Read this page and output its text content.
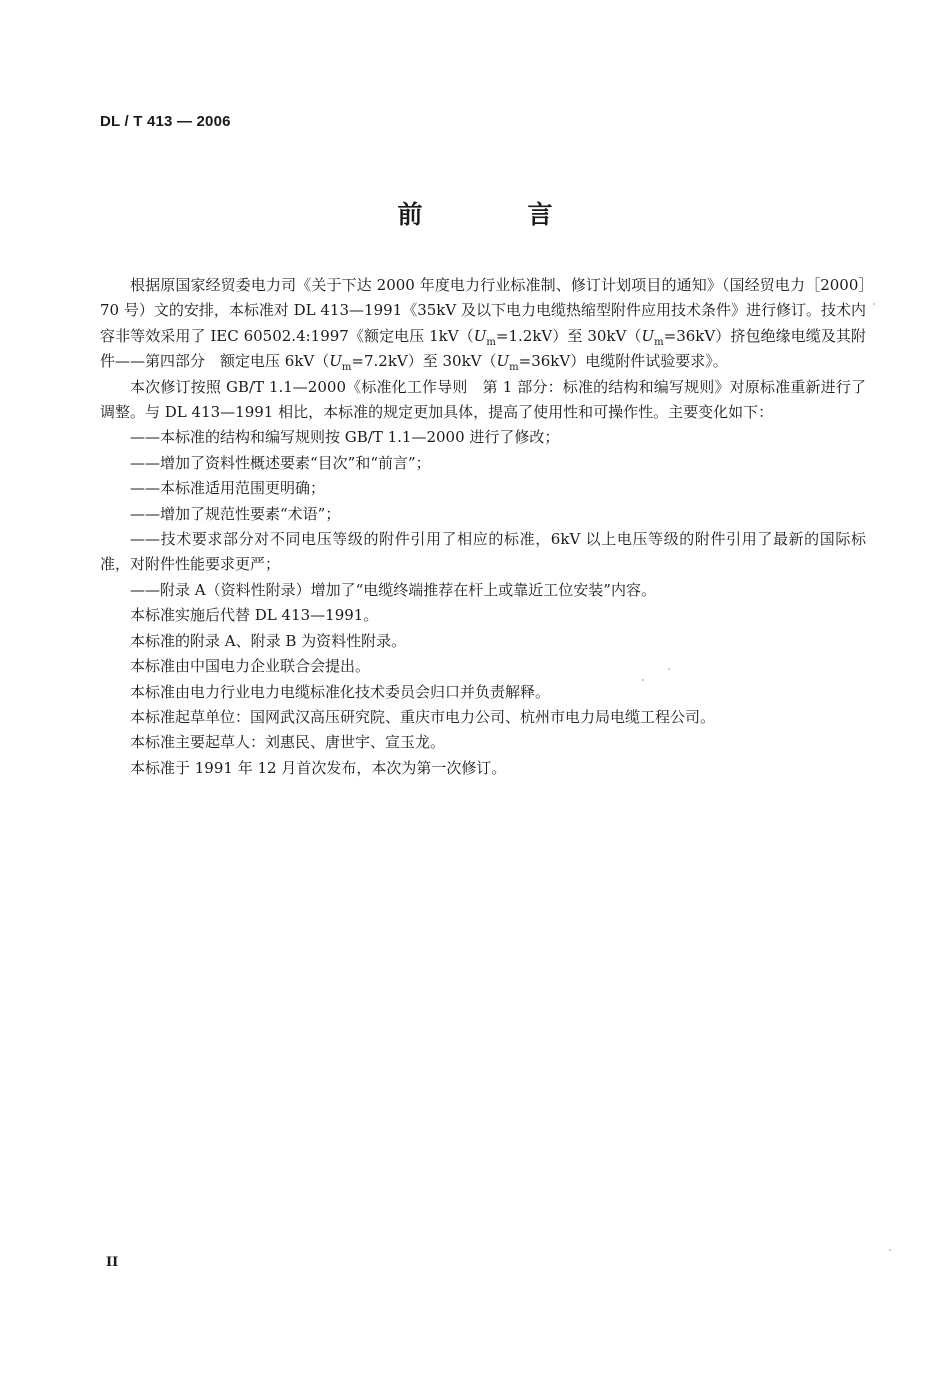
DL / T 413 — 2006
前　言

根据原国家经贸委电力司《关于下达 2000 年度电力行业标准制、修订计划项目的通知》（国经贸电力［2000］70 号）文的安排，本标准对 DL 413—1991《35kV 及以下电力电缆热缩型附件应用技术条件》进行修订。技术内容非等效采用了 IEC 60502.4:1997《额定电压 $1kV(U_m=1.2kV)$至 $30kV(U_m=36kV)$挤包绝缘电缆及其附件——第四部分　额定电压 $6kV(U_m=7.2kV)$至 $30kV(U_m=36kV)$电缆附件试验要求》。

本次修订按照 GB/T 1.1—2000《标准化工作导则　第 1 部分：标准的结构和编写规则》对原标准重新进行了调整。与 DL 413—1991 相比，本标准的规定更加具体，提高了使用性和可操作性。主要变化如下：

——本标准的结构和编写规则按 GB/T 1.1—2000 进行了修改；

——增加了资料性概述要素“目次”和“前言”；

——本标准适用范围更明确；

——增加了规范性要素“术语”；

——技术要求部分对不同电压等级的附件引用了相应的标准，6kV 以上电压等级的附件引用了最新的国际标准，对附件性能要求更严；

——附录 A（资料性附录）增加了“电缆终端推荐在杆上或靠近工位安装”内容。

本标准实施后代替 DL 413—1991。

本标准的附录 A、附录 B 为资料性附录。

本标准由中国电力企业联合会提出。

本标准由电力行业电力电缆标准化技术委员会归口并负责解释。

本标准起草单位：国网武汉高压研究院、重庆市电力公司、杭州市电力局电缆工程公司。

本标准主要起草人：刘惠民、唐世宇、宣玉龙。

本标准于 1991 年 12 月首次发布，本次为第一次修订。

II
